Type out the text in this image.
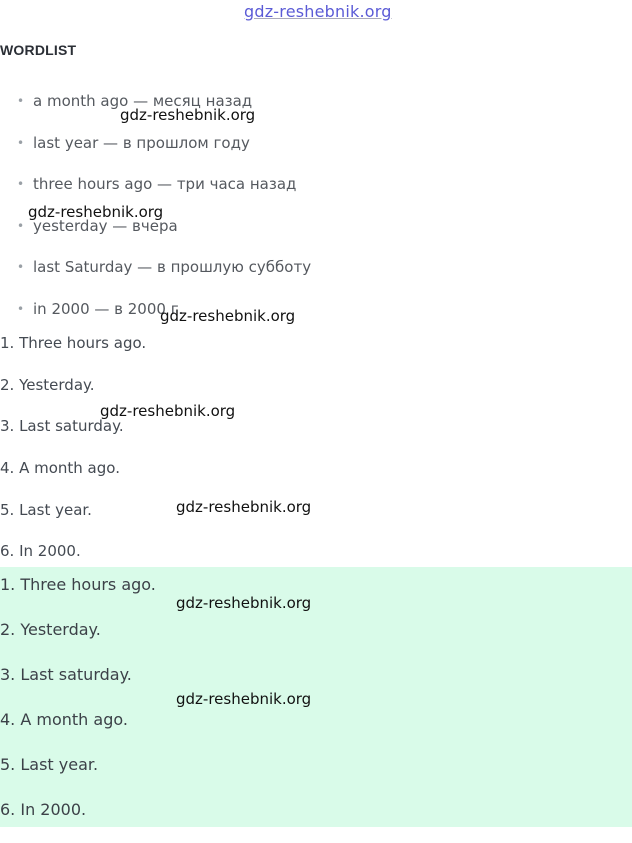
gdz-reshebnik.org
WORDLIST
• a month ago — месяц назад
• last year — в прошлом году
• three hours ago — три часа назад
• yesterday — вчера
• last Saturday — в прошлую субботу
• in 2000 — в 2000 г.
1. Three hours ago.
2. Yesterday.
3. Last saturday.
4. A month ago.
5. Last year.
6. In 2000.
1. Three hours ago.
2. Yesterday.
3. Last saturday.
4. A month ago.
5. Last year.
6. In 2000.
gdz-reshebnik.org
gdz-reshebnik.org
gdz-reshebnik.org
gdz-reshebnik.org
gdz-reshebnik.org
gdz-reshebnik.org
gdz-reshebnik.org
